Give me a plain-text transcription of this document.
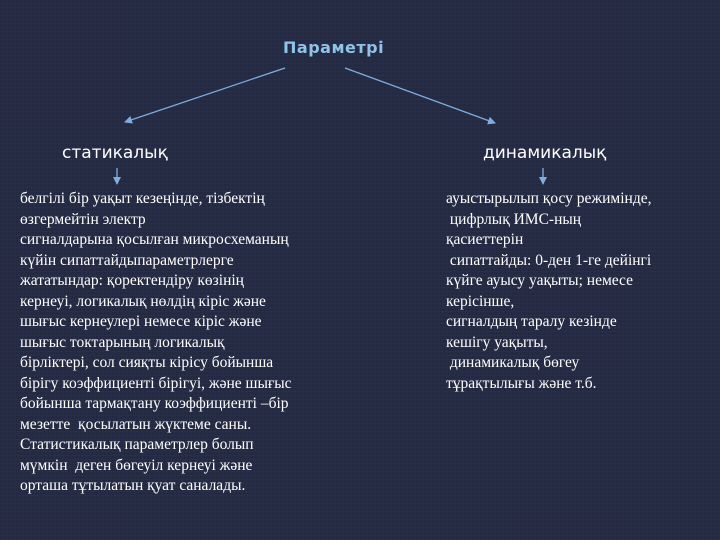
Параметрі
статикалық	динамикалық
белгілі бір уақыт кезеңінде, тізбектің
өзгермейтін электр
сигналдарына қосылған микросхеманың
күйін сипаттайдыпараметрлерге
жататындар: қоректендіру көзінің
кернеуі, логикалық нөлдің кіріс және
шығыс кернеулері немесе кіріс және
шығыс токтарының логикалық
бірліктері, сол сияқты кірісу бойынша
бірігу коэффициенті бірігуі, және шығыс
бойынша тармақтану коэффициенті –бір
мезетте  қосылатын жүктеме саны.
Статистикалық параметрлер болып
мүмкін  деген бөгеуіл кернеуі және
орташа тұтылатын қуат саналады.
ауыстырылып қосу режимінде,
цифрлық ИМС-ның
қасиеттерін
сипаттайды: 0-ден 1-ге дейінгі
күйге ауысу уақыты; немесе
керісінше,
сигналдың таралу кезінде
кешігу уақыты,
динамикалық бөгеу
тұрақтылығы және т.б.
